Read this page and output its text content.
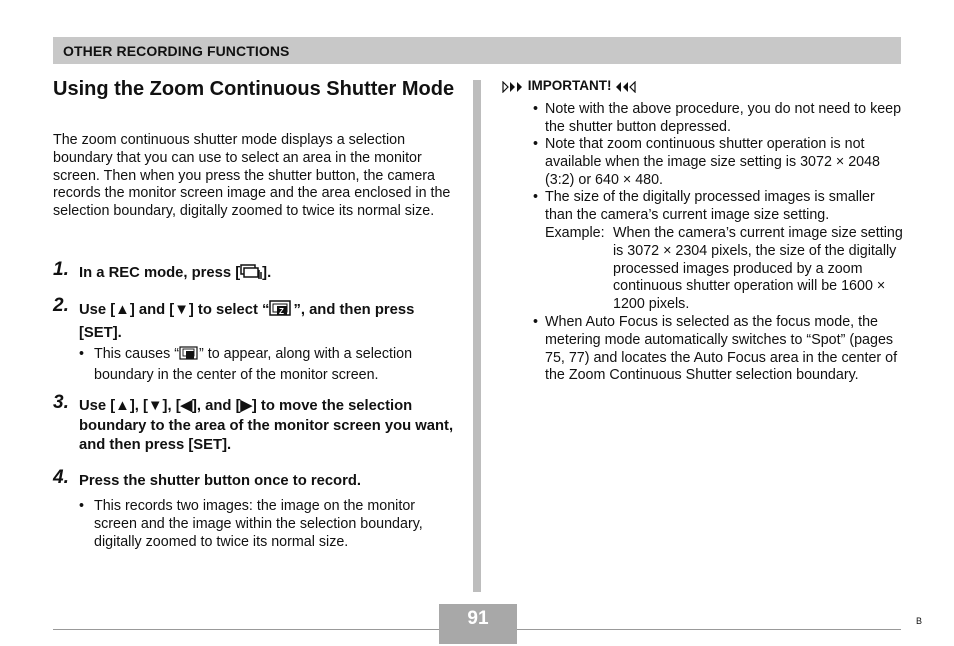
OTHER RECORDING FUNCTIONS
Using the Zoom Continuous Shutter Mode

The zoom continuous shutter mode displays a selection boundary that you can use to select an area in the monitor screen. Then when you press the shutter button, the camera records the monitor screen image and the area enclosed in the selection boundary, digitally zoomed to twice its normal size.

1. In a REC mode, press [ ].
2. Use [▲] and [▼] to select “ Z ”, and then press [SET].
• This causes “ ” to appear, along with a selection boundary in the center of the monitor screen.
3. Use [▲], [▼], [◀], and [▶] to move the selection boundary to the area of the monitor screen you want, and then press [SET].
4. Press the shutter button once to record.
• This records two images: the image on the monitor screen and the image within the selection boundary, digitally zoomed to twice its normal size.
IMPORTANT!
• Note with the above procedure, you do not need to keep the shutter button depressed.
• Note that zoom continuous shutter operation is not available when the image size setting is 3072 × 2048 (3:2) or 640 × 480.
• The size of the digitally processed images is smaller than the camera’s current image size setting.
Example: When the camera’s current image size setting is 3072 × 2304 pixels, the size of the digitally processed images produced by a zoom continuous shutter operation will be 1600 × 1200 pixels.
• When Auto Focus is selected as the focus mode, the metering mode automatically switches to “Spot” (pages 75, 77) and locates the Auto Focus area in the center of the Zoom Continuous Shutter selection boundary.
91	B
